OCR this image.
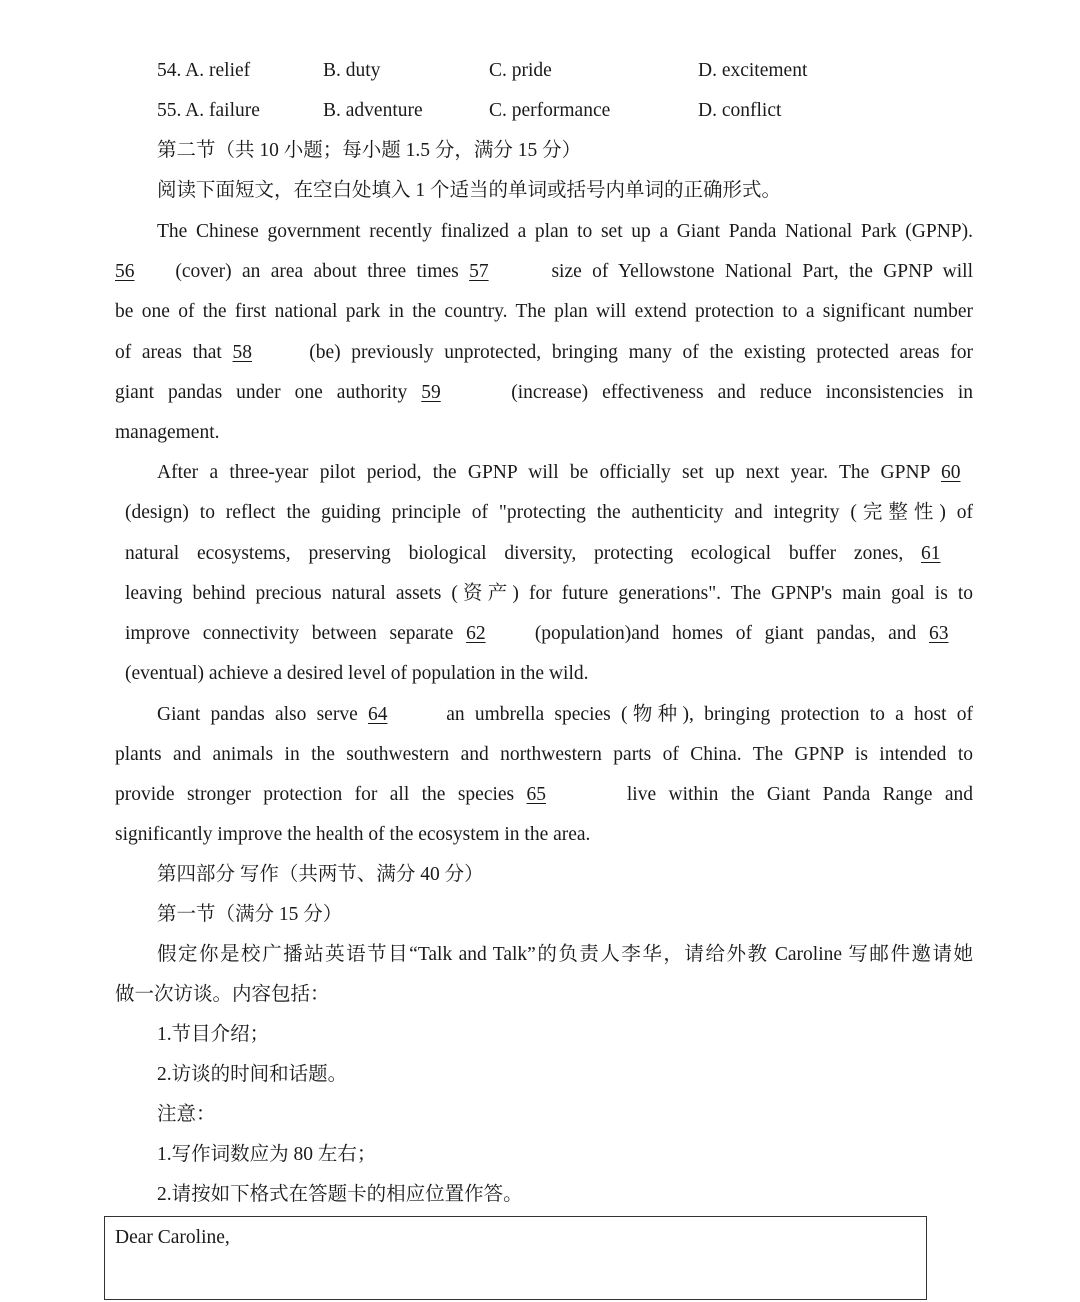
54. A. relief	B. duty	C. pride	D. excitement
55. A. failure	B. adventure	C. performance	D. conflict
第二节（共 10 小题；每小题 1.5 分，满分 15 分）
阅读下面短文，在空白处填入 1 个适当的单词或括号内单词的正确形式。
The Chinese government recently finalized a plan to set up a Giant Panda National Park (GPNP).
56 (cover) an area about three times 57	size of Yellowstone National Part, the GPNP will
be one of the first national park in the country. The plan will extend protection to a significant number
of areas that 58	(be) previously unprotected, bringing many of the existing protected areas for
giant pandas under one authority 59	(increase) effectiveness and reduce inconsistencies in
management.
After a three-year pilot period, the GPNP will be officially set up next year. The GPNP 60
(design) to reflect the guiding principle of "protecting the authenticity and integrity (完整性) of
natural ecosystems, preserving biological diversity, protecting ecological buffer zones, 61
leaving behind precious natural assets (资产) for future generations". The GPNP's main goal is to
improve connectivity between separate 62	(population)and homes of giant pandas, and 63
(eventual) achieve a desired level of population in the wild.
Giant pandas also serve 64	an umbrella species (物种), bringing protection to a host of
plants and animals in the southwestern and northwestern parts of China. The GPNP is intended to
provide stronger protection for all the species 65	live within the Giant Panda Range and
significantly improve the health of the ecosystem in the area.
第四部分 写作（共两节、满分 40 分）
第一节（满分 15 分）
假定你是校广播站英语节目“Talk and Talk”的负责人李华，请给外教 Caroline 写邮件邀请她
做一次访谈。内容包括：
1.节目介绍；
2.访谈的时间和话题。
注意：
1.写作词数应为 80 左右；
2.请按如下格式在答题卡的相应位置作答。
Dear Caroline,
